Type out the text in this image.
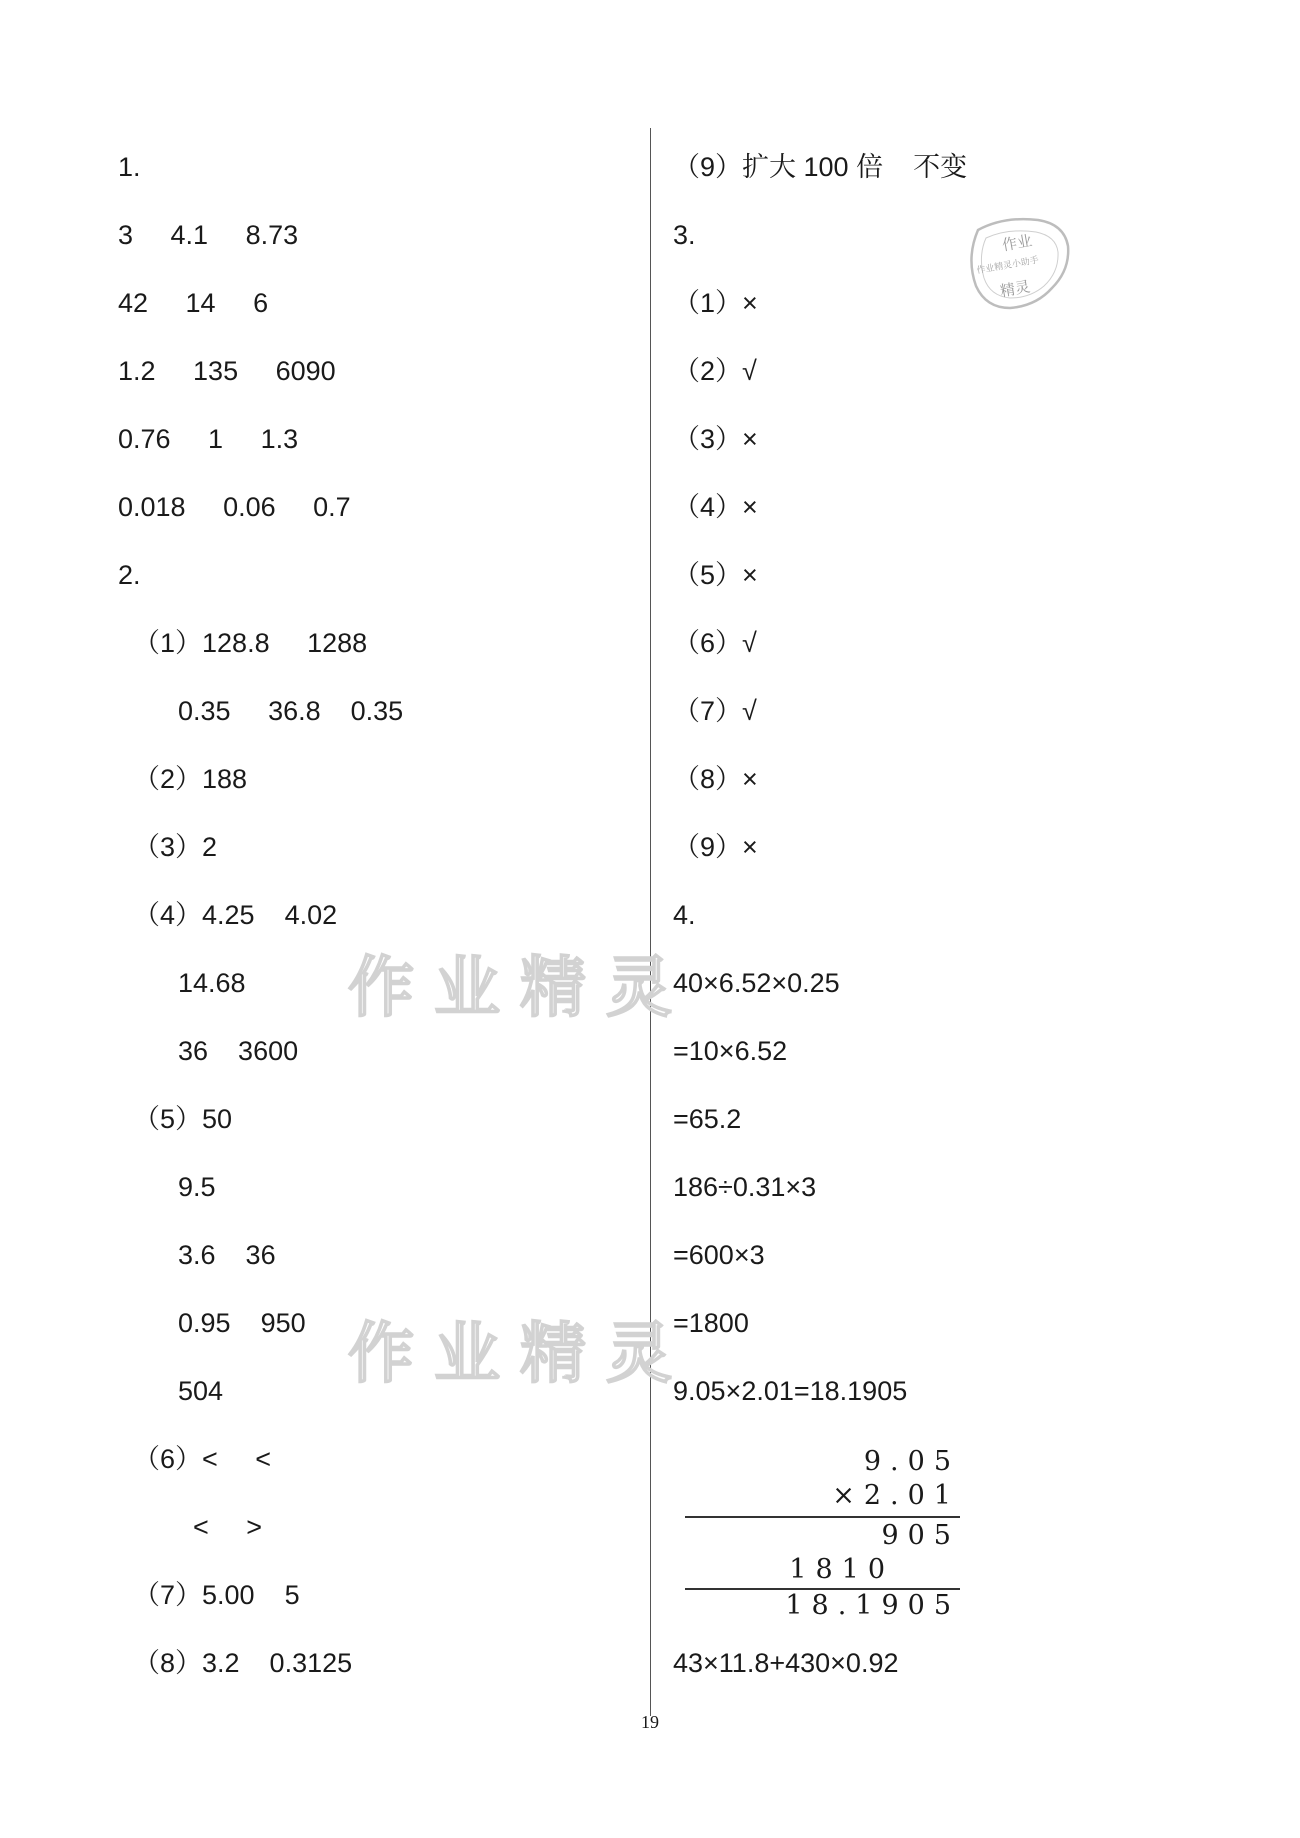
1.
3     4.1     8.73
42     14     6
1.2     135     6090
0.76     1     1.3
0.018     0.06     0.7
2.
（1）128.8     1288
0.35     36.8    0.35
（2）188
（3）2
（4）4.25    4.02
14.68
36    3600
（5）50
9.5
3.6    36
0.95    950
504
（6）<     <
<     >
（7）5.00    5
（8）3.2    0.3125
（9）扩大 100 倍    不变
3.
（1）×
（2）√
（3）×
（4）×
（5）×
（6）√
（7）√
（8）×
（9）×
4.
40×6.52×0.25
=10×6.52
=65.2
186÷0.31×3
=600×3
=1800
9.05×2.01=18.1905
作业精灵
作业精灵
作业
作业精灵小助手
精灵
9.05
×2.01
905
1810
18.1905
43×11.8+430×0.92
19
